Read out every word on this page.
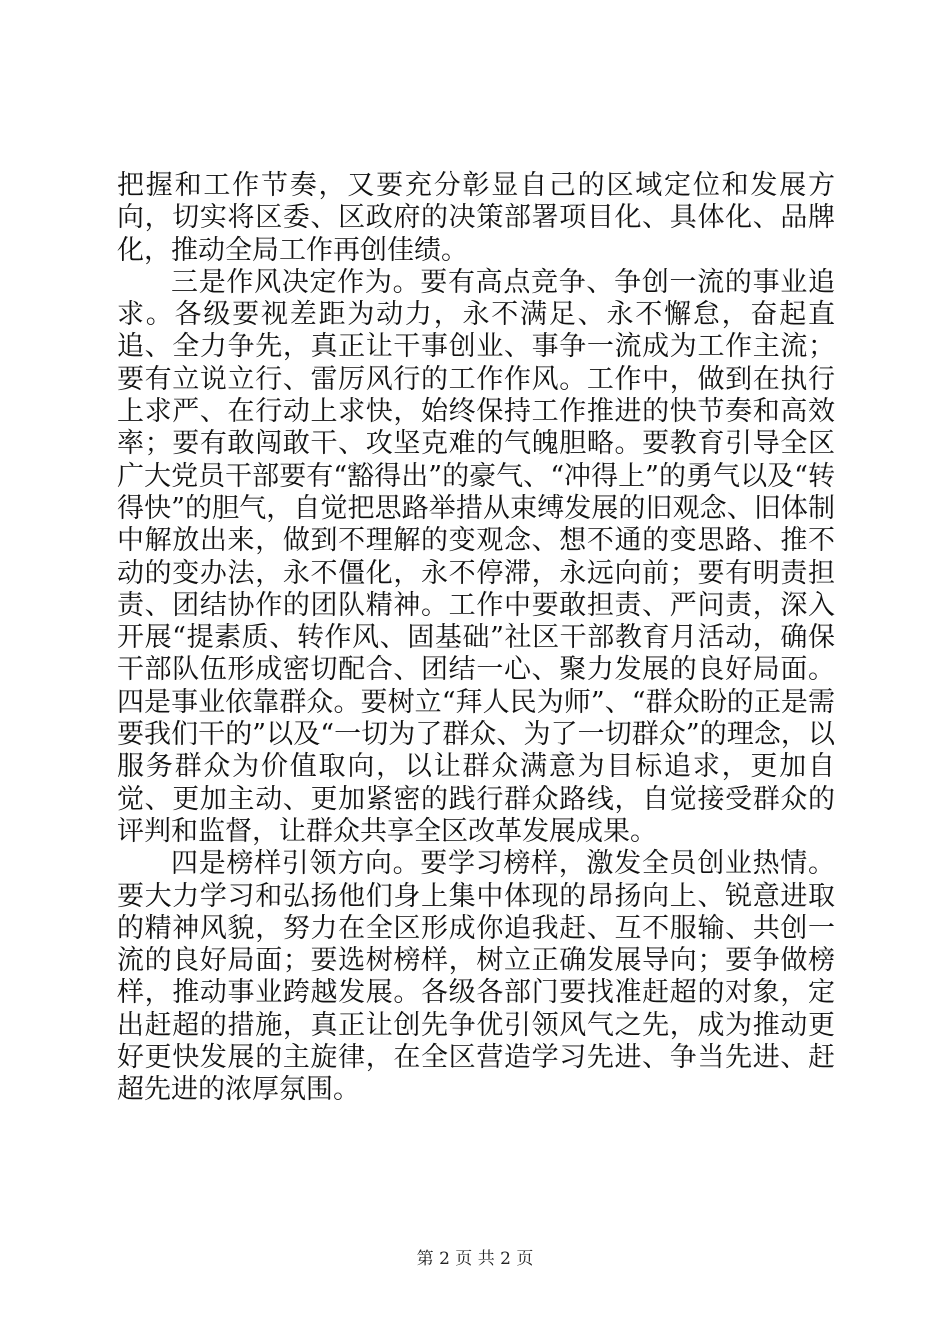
把握和工作节奏，又要充分彰显自己的区域定位和发展方向，切实将区委、区政府的决策部署项目化、具体化、品牌化，推动全局工作再创佳绩。

三是作风决定作为。要有高点竞争、争创一流的事业追求。各级要视差距为动力，永不满足、永不懈怠，奋起直追、全力争先，真正让干事创业、事争一流成为工作主流；要有立说立行、雷厉风行的工作作风。工作中，做到在执行上求严、在行动上求快，始终保持工作推进的快节奏和高效率；要有敢闯敢干、攻坚克难的气魄胆略。要教育引导全区广大党员干部要有“豁得出”的豪气、“冲得上”的勇气以及“转得快”的胆气，自觉把思路举措从束缚发展的旧观念、旧体制中解放出来，做到不理解的变观念、想不通的变思路、推不动的变办法，永不僵化，永不停滞，永远向前；要有明责担责、团结协作的团队精神。工作中要敢担责、严问责，深入开展“提素质、转作风、固基础”社区干部教育月活动，确保干部队伍形成密切配合、团结一心、聚力发展的良好局面。四是事业依靠群众。要树立“拜人民为师”、“群众盼的正是需要我们干的”以及“一切为了群众、为了一切群众”的理念，以服务群众为价值取向，以让群众满意为目标追求，更加自觉、更加主动、更加紧密的践行群众路线，自觉接受群众的评判和监督，让群众共享全区改革发展成果。

四是榜样引领方向。要学习榜样，激发全员创业热情。要大力学习和弘扬他们身上集中体现的昂扬向上、锐意进取的精神风貌，努力在全区形成你追我赶、互不服输、共创一流的良好局面；要选树榜样，树立正确发展导向；要争做榜样，推动事业跨越发展。各级各部门要找准赶超的对象，定出赶超的措施，真正让创先争优引领风气之先，成为推动更好更快发展的主旋律，在全区营造学习先进、争当先进、赶超先进的浓厚氛围。

第 2 页 共 2 页
